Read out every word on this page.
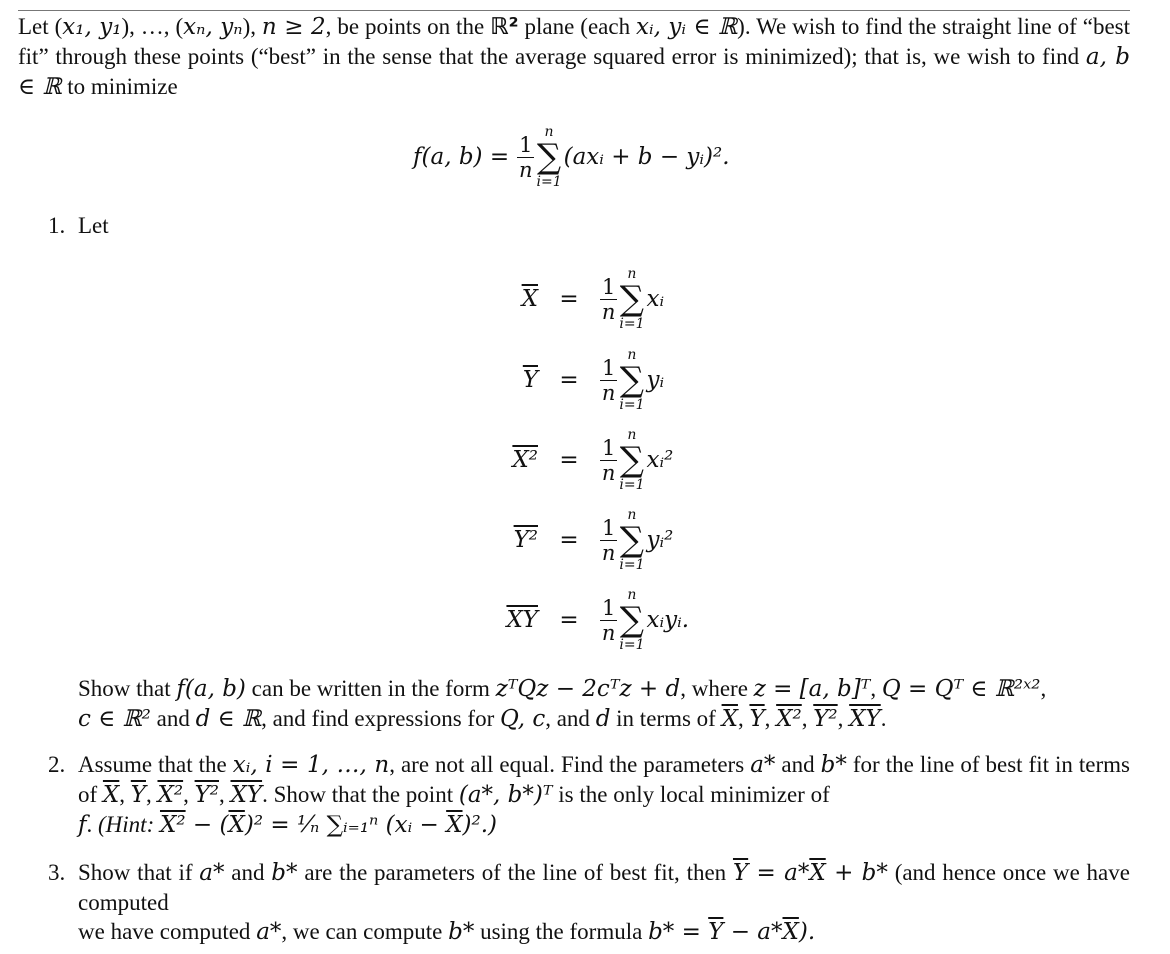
Let (x₁, y₁), …, (xₙ, yₙ), n ≥ 2, be points on the ℝ² plane (each xᵢ, yᵢ ∈ ℝ). We wish to find the straight line of “best fit” through these points (“best” in the sense that the average squared error is minimized); that is, we wish to find a, b ∈ ℝ to minimize

f(a, $b) = \frac{1}{n}$
n
∑
i=1
(axᵢ + b − yᵢ)².
1. Let
$\overline{X}$ =	$\frac{1}{n}$
n
∑
i=1
xᵢ
$\overline{Y}$ =	$\frac{1}{n}$
n
∑
i=1
yᵢ
X² =	$\frac{1}{n}$
n
∑
i=1
xᵢ²
Y² =	$\frac{1}{n}$
n
∑
i=1
yᵢ²
$\overline{XY}$ =	$\frac{1}{n}$
n
∑
i=1
xᵢyᵢ.
Show that f(a, b) can be written in the form zᵀQz − 2cᵀz + d, where z = [a, b]ᵀ, Q = Qᵀ ∈ ℝ²ˣ²,
c ∈ ℝ² and d ∈ ℝ, and find expressions for Q, c, and d in terms of $\overline{X}$, $\overline{Y}$, X², Y², $\overline{XY}$.
2. Assume that the xᵢ, i = 1, …, n, are not all equal. Find the parameters a* and b* for the line of best fit in terms of $\overline{X}$, $\overline{Y}$, X², Y², $\overline{XY}$. Show that the point (a*, b*)ᵀ is the only local minimizer of
f. (Hint: $X^2 - (\overline{X})^2$ = ¹⁄ₙ ∑ᵢ₌₁ⁿ (xᵢ − $\overline{X})^2$.)
3. Show that if a* and b* are the parameters of the line of best fit, then $\overline{Y} = a*\overline{X} + b*$ (and hence once we have computed
we have computed a*, we can compute b* using the formula $b* = \overline{Y} - a*\overline{X}$).
